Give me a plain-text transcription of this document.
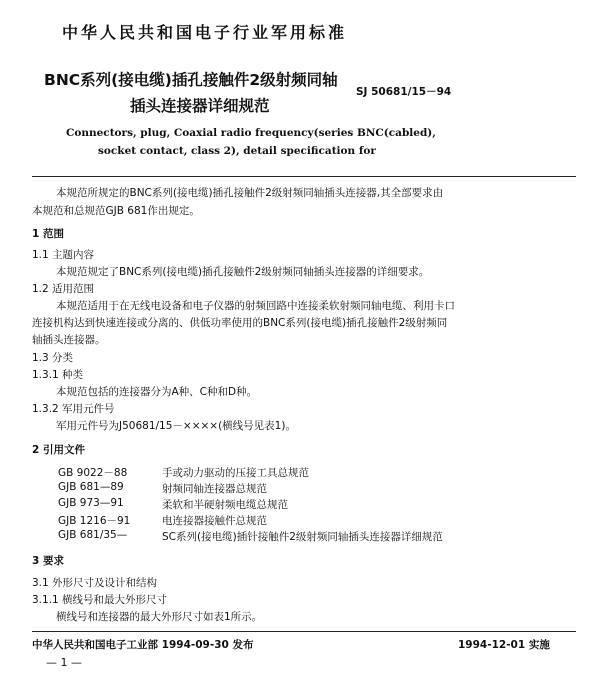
中华人民共和国电子行业军用标准
BNC系列(接电缆)插孔接触件2级射频同轴
插头连接器详细规范
SJ 50681/15－94
Connectors, plug, Coaxial radio frequency(series BNC(cabled),
socket contact, class 2), detail specification for
本规范所规定的BNC系列(接电缆)插孔接触件2级射频同轴插头连接器,其全部要求由
本规范和总规范GJB 681作出规定。
1 范围
1.1 主题内容
本规范规定了BNC系列(接电缆)插孔接触件2级射频同轴插头连接器的详细要求。
1.2 适用范围
本规范适用于在无线电设备和电子仪器的射频回路中连接柔软射频同轴电缆、利用卡口
连接机构达到快速连接或分离的、供低功率使用的BNC系列(接电缆)插孔接触件2级射频同
轴插头连接器。
1.3 分类
1.3.1 种类
本规范包括的连接器分为A种、C种和D种。
1.3.2 军用元件号
军用元件号为J50681/15－××××(横线号见表1)。
2 引用文件
GB 9022－88	手或动力驱动的压接工具总规范
GJB 681—89	射频同轴连接器总规范
GJB 973—91	柔软和半硬射频电缆总规范
GJB 1216－91	电连接器接触件总规范
GJB 681/35—	SC系列(接电缆)插针接触件2级射频同轴插头连接器详细规范
3 要求
3.1 外形尺寸及设计和结构
3.1.1 横线号和最大外形尺寸
横线号和连接器的最大外形尺寸如表1所示。
中华人民共和国电子工业部 1994-09-30 发布	1994-12-01 实施
— 1 —
